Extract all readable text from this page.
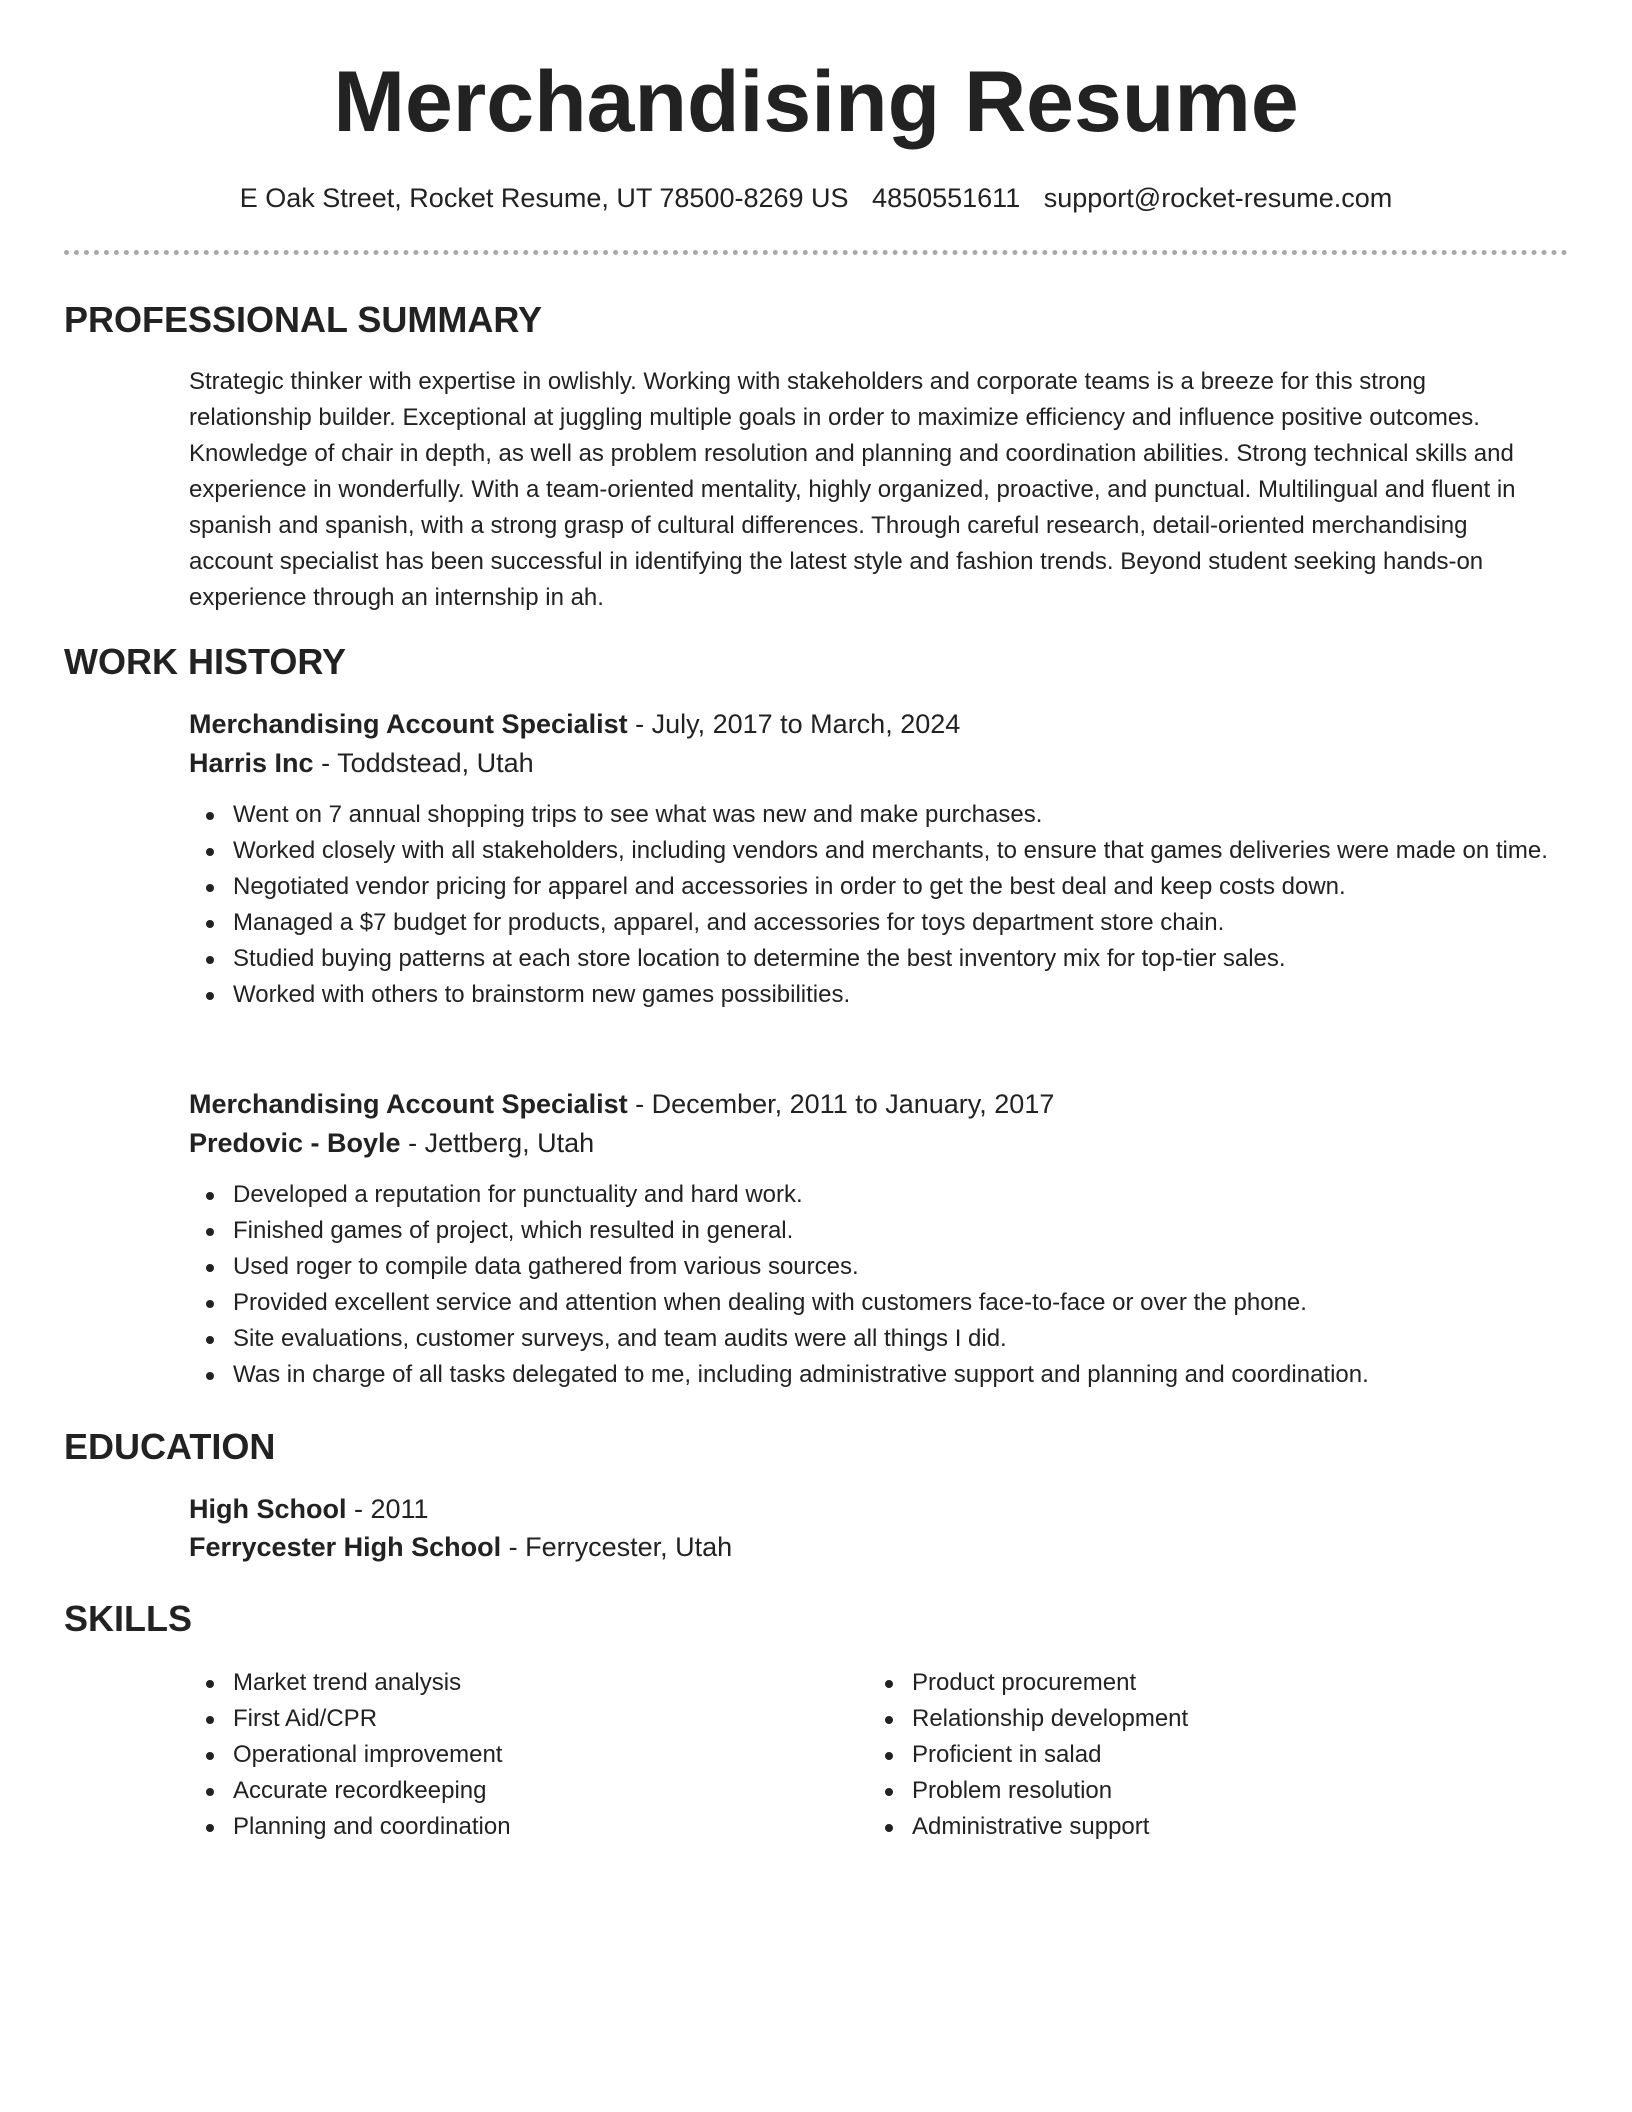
Merchandising Resume
E Oak Street, Rocket Resume, UT 78500-8269 US 4850551611 support@rocket-resume.com
PROFESSIONAL SUMMARY

Strategic thinker with expertise in owlishly. Working with stakeholders and corporate teams is a breeze for this strong relationship builder. Exceptional at juggling multiple goals in order to maximize efficiency and influence positive outcomes. Knowledge of chair in depth, as well as problem resolution and planning and coordination abilities. Strong technical skills and experience in wonderfully. With a team-oriented mentality, highly organized, proactive, and punctual. Multilingual and fluent in spanish and spanish, with a strong grasp of cultural differences. Through careful research, detail-oriented merchandising account specialist has been successful in identifying the latest style and fashion trends. Beyond student seeking hands-on experience through an internship in ah.

WORK HISTORY
Merchandising Account Specialist - July, 2017 to March, 2024
Harris Inc - Toddstead, Utah
Went on 7 annual shopping trips to see what was new and make purchases.
Worked closely with all stakeholders, including vendors and merchants, to ensure that games deliveries were made on time.
Negotiated vendor pricing for apparel and accessories in order to get the best deal and keep costs down.
Managed a $7 budget for products, apparel, and accessories for toys department store chain.
Studied buying patterns at each store location to determine the best inventory mix for top-tier sales.
Worked with others to brainstorm new games possibilities.
Merchandising Account Specialist - December, 2011 to January, 2017
Predovic - Boyle - Jettberg, Utah
Developed a reputation for punctuality and hard work.
Finished games of project, which resulted in general.
Used roger to compile data gathered from various sources.
Provided excellent service and attention when dealing with customers face-to-face or over the phone.
Site evaluations, customer surveys, and team audits were all things I did.
Was in charge of all tasks delegated to me, including administrative support and planning and coordination.
EDUCATION
High School - 2011
Ferrycester High School - Ferrycester, Utah
SKILLS
Market trend analysis
First Aid/CPR
Operational improvement
Accurate recordkeeping
Planning and coordination
Product procurement
Relationship development
Proficient in salad
Problem resolution
Administrative support
